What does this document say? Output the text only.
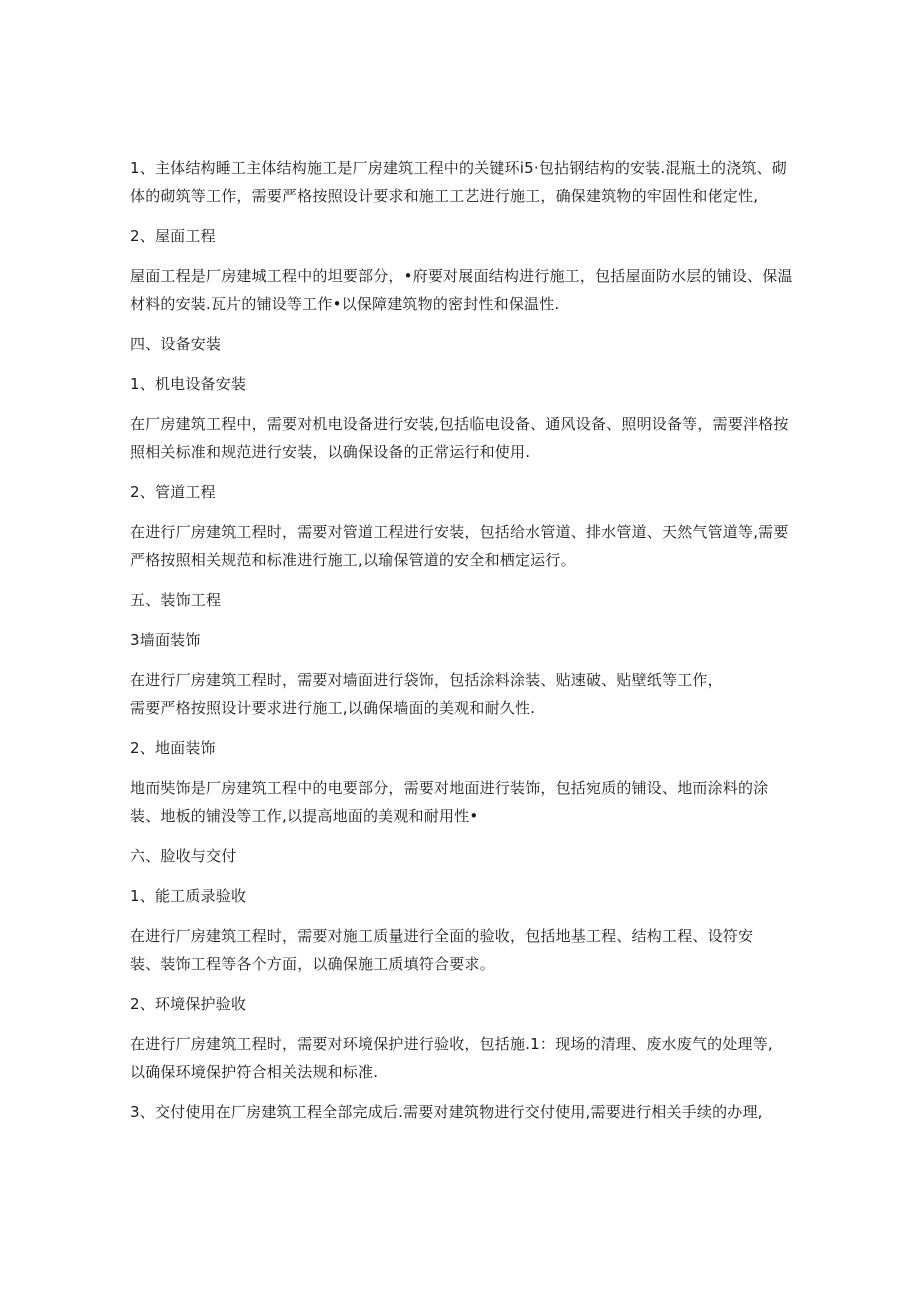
1、主体结构睡工主体结构施工是厂房建筑工程中的关键环i5·包拈钢结构的安装.混瓶土的浇筑、砌体的砌筑等工作，需要严格按照设计要求和施工工艺进行施工，确保建筑物的牢固性和佬定性,

2、屋面工程

屋面工程是厂房建城工程中的坦要部分，•府要对展面结构进行施工，包括屋面防水层的铺设、保温材料的安装.瓦片的铺设等工作•以保障建筑物的密封性和保温性.

四、设备安装

1、机电设备安装

在厂房建筑工程中，需要对机电设备进行安装,包括临电设备、通风设备、照明设备等，需要泮格按照相关标准和规范进行安装，以确保设备的正常运行和使用.

2、管道工程

在进行厂房建筑工程时，需要对管道工程进行安装，包括给水管道、排水管道、天然气管道等,需要严格按照相关规范和标准进行施工,以瑜保管道的安全和栖定运行。

五、装饰工程

3墙面装饰

在进行厂房建筑工程时，需要对墙面进行袋饰，包括涂料涂装、贴速破、贴壁纸等工作，
需要严格按照设计要求进行施工,以确保墙面的美观和耐久性.

2、地面装饰

地而奘饰是厂房建筑工程中的电要部分，需要对地面进行装饰，包括宛质的铺设、地而涂料的涂装、地板的铺没等工作,以提高地面的美观和耐用性•

六、脸收与交付

1、能工质录验收

在进行厂房建筑工程时，需要对施工质量进行全面的验收，包括地基工程、结构工程、设符安
装、装饰工程等各个方面，以确保施工质填符合要求。

2、环境保护验收

在进行厂房建筑工程时，需要对环境保护进行验收，包括施.1：现场的清理、废水废气的处理等,
以确保环境保护符合相关法规和标准.

3、交付使用在厂房建筑工程全部完成后.需要对建筑物进行交付使用,需要进行相关手续的办理,
